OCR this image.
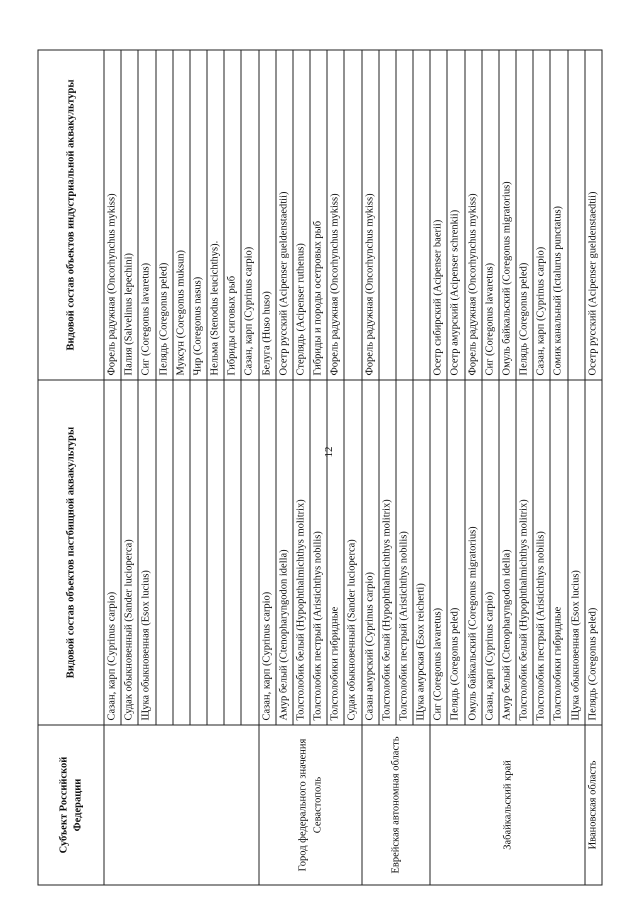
12
Субъект Российской Федерации	Видовой состав объектов пастбищной аквакультуры	Видовой состав объектов индустриальной аквакультуры
	Сазан, карп (Cyprinus carpio)	Форель радужная (Oncorhynchus mykiss)
	Судак обыкновенный (Sander lucioperca)	Палия (Salvelinus lepechini)
	Щука обыкновенная (Esox lucius)	Сиг (Coregonus lavaretus)
		Пелядь (Coregonus peled)
		Муксун (Coregonus muksun)
		Чир (Coregonus nasus)
		Нельма (Stenodus leucichthys).
		Гибриды сиговых рыб
		Сазан, карп (Cyprinus carpio)
Город федерального значения Севастополь	Сазан, карп (Cyprinus carpio)	Белуга (Huso huso)
	Амур белый (Ctenopharyngodon idella)	Осетр русский (Acipenser gueldenstaedtii)
	Толстолобик белый (Hypophthalmichthys molitrix)	Стерлядь (Acipenser ruthenus)
	Толстолобик пестрый (Aristichthys nobilis)	Гибриды и породы осетровых рыб
	Толстолобики гибридные	Форель радужная (Oncorhynchus mykiss)
	Судак обыкновенный (Sander lucioperca)	
Еврейская автономная область	Сазан амурский (Cyprinus carpio)	Форель радужная (Oncorhynchus mykiss)
	Толстолобик белый (Hypophthalmichthys molitrix)	
	Толстолобик пестрый (Aristichthys nobilis)	
	Щука амурская (Esox reicherti)	
Забайкальский край	Сиг (Coregonus lavaretus)	Осетр сибирский (Acipenser baerii)
	Пелядь (Coregonus peled)	Осетр амурский (Acipenser schrenkii)
	Омуль байкальский (Coregonus migratorius)	Форель радужная (Oncorhynchus mykiss)
	Сазан, карп (Cyprinus carpio)	Сиг (Coregonus lavaretus)
	Амур белый (Ctenopharyngodon idella)	Омуль байкальский (Coregonus migratorius)
	Толстолобик белый (Hypophthalmichthys molitrix)	Пелядь (Coregonus peled)
	Толстолобик пестрый (Aristichthys nobilis)	Сазан, карп (Cyprinus carpio)
	Толстолобики гибридные	Сомик канальный (Ictalurus punctatus)
	Щука обыкновенная (Esox lucius)	
Ивановская область	Пелядь (Coregonus peled)	Осетр русский (Acipenser gueldenstaedtii)
